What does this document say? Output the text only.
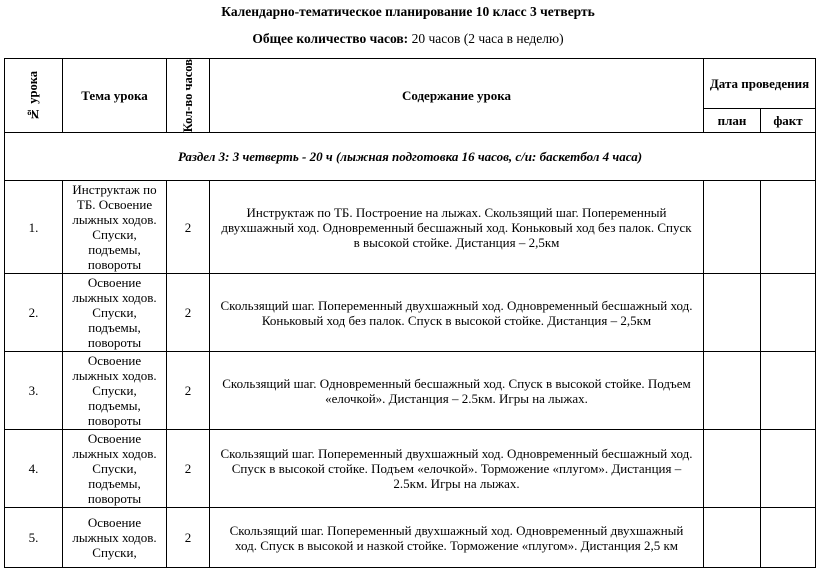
Календарно-тематическое планирование 10 класс 3 четверть
Общее количество часов: 20 часов (2 часа в неделю)
№ урока	Тема урока	Кол-во часов	Содержание урока	Дата проведения	
				план	факт
Раздел 3: 3 четверть - 20 ч (лыжная подготовка 16 часов, с/и: баскетбол 4 часа)					
1.	Инструктаж по ТБ. Освоение лыжных ходов. Спуски, подъемы, повороты	2	Инструктаж по ТБ. Построение на лыжах. Скользящий шаг. Попеременный двухшажный ход. Одновременный бесшажный ход. Коньковый ход без палок. Спуск в высокой стойке. Дистанция – 2,5км		
2.	Освоение лыжных ходов. Спуски, подъемы, повороты	2	Скользящий шаг. Попеременный двухшажный ход. Одновременный бесшажный ход. Коньковый ход без палок. Спуск в высокой стойке. Дистанция – 2,5км		
3.	Освоение лыжных ходов. Спуски, подъемы, повороты	2	Скользящий шаг. Одновременный бесшажный ход. Спуск в высокой стойке. Подъем «елочкой». Дистанция – 2.5км. Игры на лыжах.		
4.	Освоение лыжных ходов. Спуски, подъемы, повороты	2	Скользящий шаг. Попеременный двухшажный ход. Одновременный бесшажный ход. Спуск в высокой стойке. Подъем «елочкой». Торможение «плугом». Дистанция – 2.5км. Игры на лыжах.		
5.	Освоение лыжных ходов. Спуски,	2	Скользящий шаг. Попеременный двухшажный ход. Одновременный двухшажный ход. Спуск в высокой и назкой стойке. Торможение «плугом». Дистанция 2,5 км		
